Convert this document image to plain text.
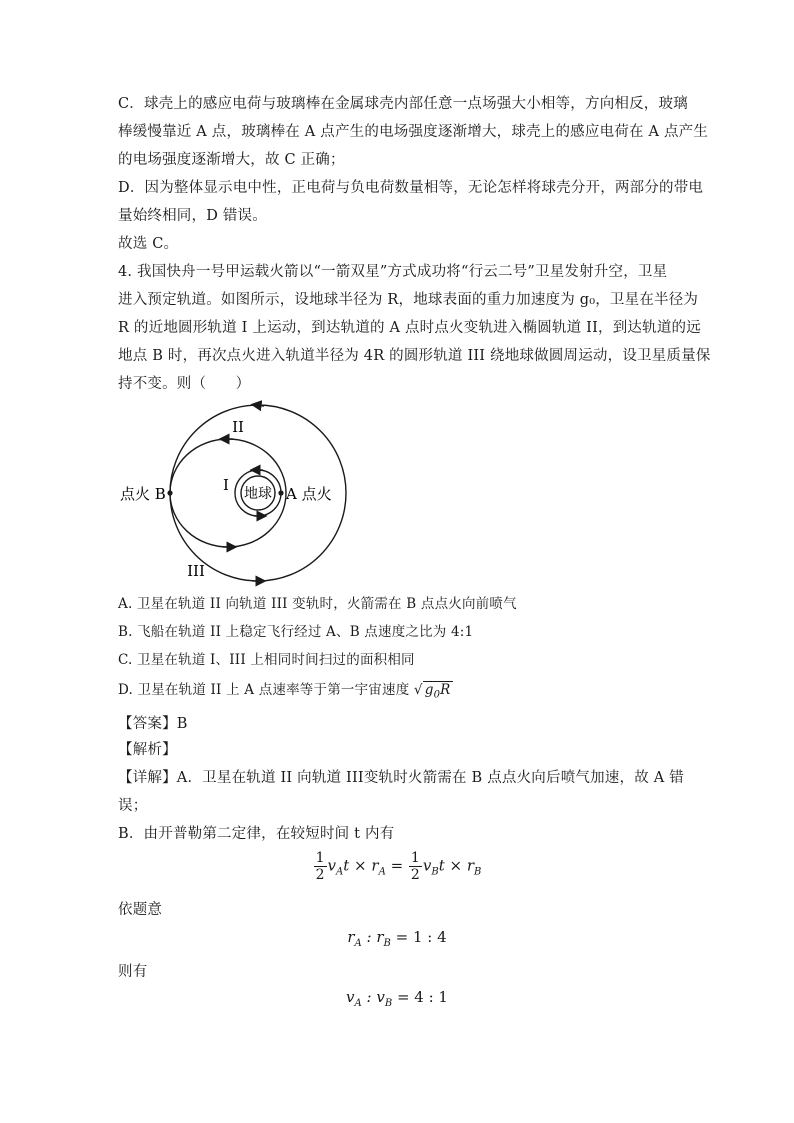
C．球壳上的感应电荷与玻璃棒在金属球壳内部任意一点场强大小相等，方向相反，玻璃
棒缓慢靠近 A 点，玻璃棒在 A 点产生的电场强度逐渐增大，球壳上的感应电荷在 A 点产生
的电场强度逐渐增大，故 C 正确；
D．因为整体显示电中性，正电荷与负电荷数量相等，无论怎样将球壳分开，两部分的带电
量始终相同，D 错误。
故选 C。
4. 我国快舟一号甲运载火箭以“一箭双星”方式成功将“行云二号”卫星发射升空，卫星
进入预定轨道。如图所示，设地球半径为 R，地球表面的重力加速度为 g₀，卫星在半径为
R 的近地圆形轨道 I 上运动，到达轨道的 A 点时点火变轨进入椭圆轨道 II，到达轨道的远
地点 B 时，再次点火进入轨道半径为 4R 的圆形轨道 III 绕地球做圆周运动，设卫星质量保
持不变。则（　　）
地球
I
II
III
A 点火
点火 B
A. 卫星在轨道 II 向轨道 III 变轨时，火箭需在 B 点点火向前喷气
B. 飞船在轨道 II 上稳定飞行经过 A、B 点速度之比为 4:1
C. 卫星在轨道 I、III 上相同时间扫过的面积相同
D. 卫星在轨道 II 上 A 点速率等于第一宇宙速度 √ $g_0R$
【答案】B
【解析】
【详解】A．卫星在轨道 II 向轨道 III变轨时火箭需在 B 点点火向后喷气加速，故 A 错
误；
B．由开普勒第二定律，在较短时间 t 内有
$\frac{1}{2} v_At \times r_A = \frac{1}{2} v_Bt \times r_B$
依题意
$r_A$ : $r_B = 1$ : 4
则有
$v_A$ : $v_B = 4$ : 1
